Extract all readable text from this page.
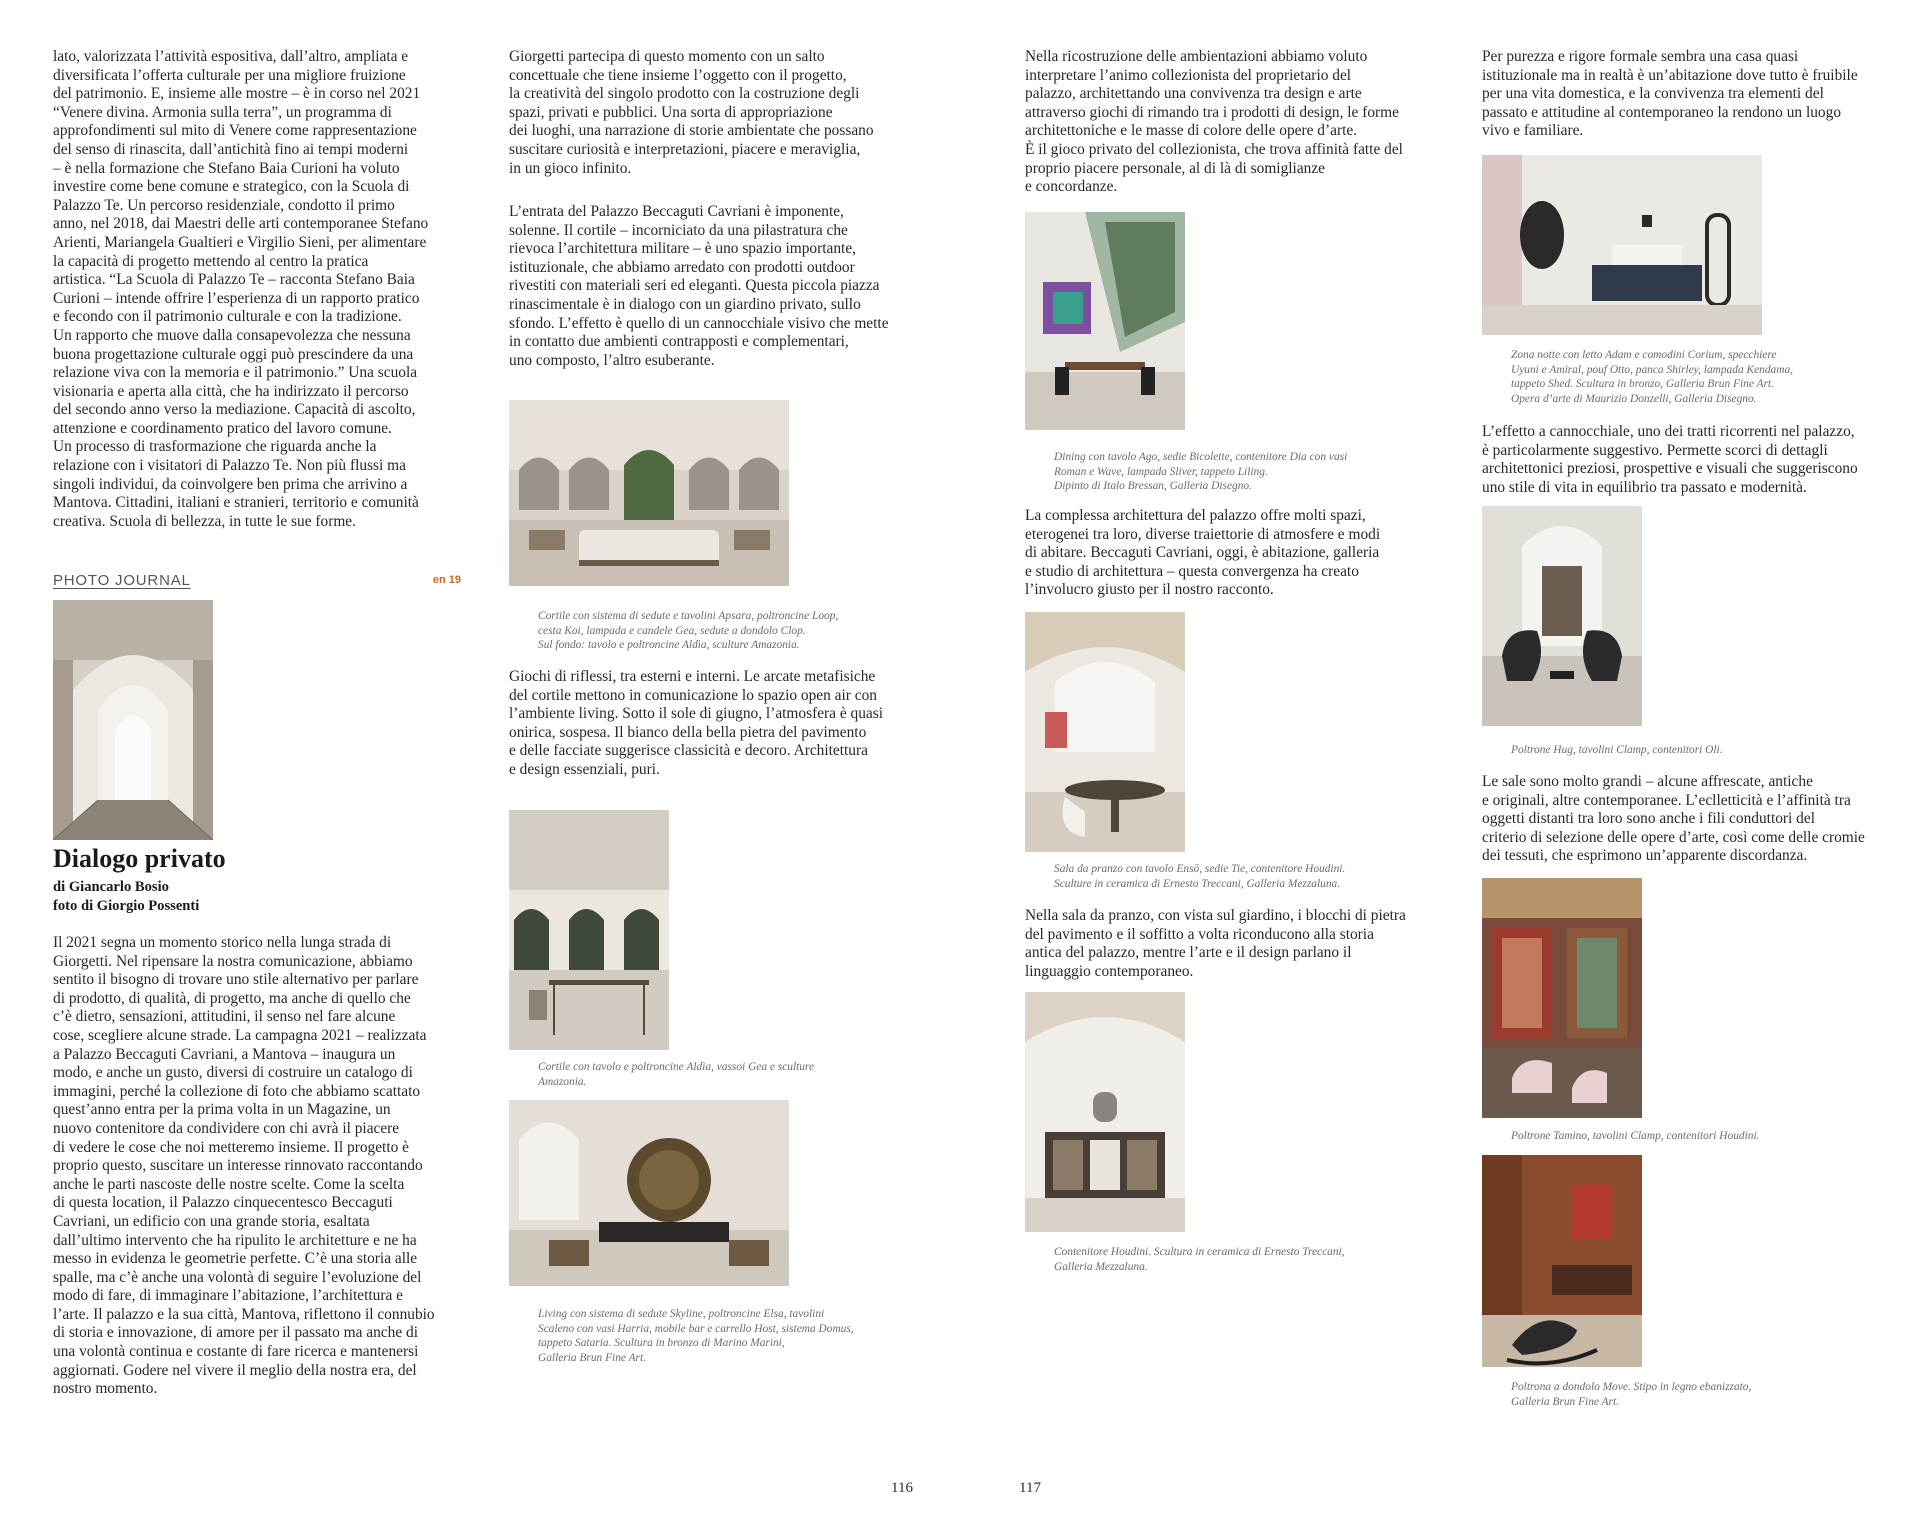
lato, valorizzata l’attività espositiva, dall’altro, ampliata e
diversificata l’offerta culturale per una migliore fruizione
del patrimonio. E, insieme alle mostre – è in corso nel 2021
“Venere divina. Armonia sulla terra”, un programma di
approfondimenti sul mito di Venere come rappresentazione
del senso di rinascita, dall’antichità fino ai tempi moderni
– è nella formazione che Stefano Baia Curioni ha voluto
investire come bene comune e strategico, con la Scuola di
Palazzo Te. Un percorso residenziale, condotto il primo
anno, nel 2018, dai Maestri delle arti contemporanee Stefano
Arienti, Mariangela Gualtieri e Virgilio Sieni, per alimentare
la capacità di progetto mettendo al centro la pratica
artistica. “La Scuola di Palazzo Te – racconta Stefano Baia
Curioni – intende offrire l’esperienza di un rapporto pratico
e fecondo con il patrimonio culturale e con la tradizione.
Un rapporto che muove dalla consapevolezza che nessuna
buona progettazione culturale oggi può prescindere da una
relazione viva con la memoria e il patrimonio.” Una scuola
visionaria e aperta alla città, che ha indirizzato il percorso
del secondo anno verso la mediazione. Capacità di ascolto,
attenzione e coordinamento pratico del lavoro comune.
Un processo di trasformazione che riguarda anche la
relazione con i visitatori di Palazzo Te. Non più flussi ma
singoli individui, da coinvolgere ben prima che arrivino a
Mantova. Cittadini, italiani e stranieri, territorio e comunità
creativa. Scuola di bellezza, in tutte le sue forme.

PHOTO JOURNAL	en 19
Dialogo privato
di Giancarlo Bosio
foto di Giorgio Possenti

Il 2021 segna un momento storico nella lunga strada di
Giorgetti. Nel ripensare la nostra comunicazione, abbiamo
sentito il bisogno di trovare uno stile alternativo per parlare
di prodotto, di qualità, di progetto, ma anche di quello che
c’è dietro, sensazioni, attitudini, il senso nel fare alcune
cose, scegliere alcune strade. La campagna 2021 – realizzata
a Palazzo Beccaguti Cavriani, a Mantova – inaugura un
modo, e anche un gusto, diversi di costruire un catalogo di
immagini, perché la collezione di foto che abbiamo scattato
quest’anno entra per la prima volta in un Magazine, un
nuovo contenitore da condividere con chi avrà il piacere
di vedere le cose che noi metteremo insieme. Il progetto è
proprio questo, suscitare un interesse rinnovato raccontando
anche le parti nascoste delle nostre scelte. Come la scelta
di questa location, il Palazzo cinquecentesco Beccaguti
Cavriani, un edificio con una grande storia, esaltata
dall’ultimo intervento che ha ripulito le architetture e ne ha
messo in evidenza le geometrie perfette. C’è una storia alle
spalle, ma c’è anche una volontà di seguire l’evoluzione del
modo di fare, di immaginare l’abitazione, l’architettura e
l’arte. Il palazzo e la sua città, Mantova, riflettono il connubio
di storia e innovazione, di amore per il passato ma anche di
una volontà continua e costante di fare ricerca e mantenersi
aggiornati. Godere nel vivere il meglio della nostra era, del
nostro momento.

Giorgetti partecipa di questo momento con un salto
concettuale che tiene insieme l’oggetto con il progetto,
la creatività del singolo prodotto con la costruzione degli
spazi, privati e pubblici. Una sorta di appropriazione
dei luoghi, una narrazione di storie ambientate che possano
suscitare curiosità e interpretazioni, piacere e meraviglia,
in un gioco infinito.

L’entrata del Palazzo Beccaguti Cavriani è imponente,
solenne. Il cortile – incorniciato da una pilastratura che
rievoca l’architettura militare – è uno spazio importante,
istituzionale, che abbiamo arredato con prodotti outdoor
rivestiti con materiali seri ed eleganti. Questa piccola piazza
rinascimentale è in dialogo con un giardino privato, sullo
sfondo. L’effetto è quello di un cannocchiale visivo che mette
in contatto due ambienti contrapposti e complementari,
uno composto, l’altro esuberante.

Cortile con sistema di sedute e tavolini Apsara, poltroncine Loop,
cesta Koi, lampada e candele Gea, sedute a dondolo Clop.
Sul fondo: tavolo e poltroncine Aldìa, sculture Amazonia.

Giochi di riflessi, tra esterni e interni. Le arcate metafisiche
del cortile mettono in comunicazione lo spazio open air con
l’ambiente living. Sotto il sole di giugno, l’atmosfera è quasi
onirica, sospesa. Il bianco della bella pietra del pavimento
e delle facciate suggerisce classicità e decoro. Architettura
e design essenziali, puri.

Cortile con tavolo e poltroncine Aldìa, vassoi Gea e sculture
Amazonia.

Living con sistema di sedute Skyline, poltroncine Elsa, tavolini
Scaleno con vasi Harria, mobile bar e carrello Host, sistema Domus,
tappeto Sataria. Scultura in bronzo di Marino Marini,
Galleria Brun Fine Art.

116

Nella ricostruzione delle ambientazioni abbiamo voluto
interpretare l’animo collezionista del proprietario del
palazzo, architettando una convivenza tra design e arte
attraverso giochi di rimando tra i prodotti di design, le forme
architettoniche e le masse di colore delle opere d’arte.
È il gioco privato del collezionista, che trova affinità fatte del
proprio piacere personale, al di là di somiglianze
e concordanze.

Dining con tavolo Ago, sedie Bicolette, contenitore Dia con vasi
Roman e Wave, lampada Sliver, tappeto Liling.
Dipinto di Italo Bressan, Galleria Disegno.

La complessa architettura del palazzo offre molti spazi,
eterogenei tra loro, diverse traiettorie di atmosfere e modi
di abitare. Beccaguti Cavriani, oggi, è abitazione, galleria
e studio di architettura – questa convergenza ha creato
l’involucro giusto per il nostro racconto.

Sala da pranzo con tavolo Ensō, sedie Tie, contenitore Houdini.
Sculture in ceramica di Ernesto Treccani, Galleria Mezzaluna.

Nella sala da pranzo, con vista sul giardino, i blocchi di pietra
del pavimento e il soffitto a volta riconducono alla storia
antica del palazzo, mentre l’arte e il design parlano il
linguaggio contemporaneo.

Contenitore Houdini. Scultura in ceramica di Ernesto Treccani,
Galleria Mezzaluna.

Per purezza e rigore formale sembra una casa quasi
istituzionale ma in realtà è un’abitazione dove tutto è fruibile
per una vita domestica, e la convivenza tra elementi del
passato e attitudine al contemporaneo la rendono un luogo
vivo e familiare.

Zona notte con letto Adam e comodini Corium, specchiere
Uyuni e Amiral, pouf Otto, panca Shirley, lampada Kendama,
tappeto Shed. Scultura in bronzo, Galleria Brun Fine Art.
Opera d’arte di Maurizio Donzelli, Galleria Disegno.

L’effetto a cannocchiale, uno dei tratti ricorrenti nel palazzo,
è particolarmente suggestivo. Permette scorci di dettagli
architettonici preziosi, prospettive e visuali che suggeriscono
uno stile di vita in equilibrio tra passato e modernità.

Poltrone Hug, tavolini Clamp, contenitori Oli.

Le sale sono molto grandi – alcune affrescate, antiche
e originali, altre contemporanee. L’eclletticità e l’affinità tra
oggetti distanti tra loro sono anche i fili conduttori del
criterio di selezione delle opere d’arte, così come delle cromie
dei tessuti, che esprimono un’apparente discordanza.

Poltrone Tamino, tavolini Clamp, contenitori Houdini.

Poltrona a dondolo Move. Stipo in legno ebanizzato,
Galleria Brun Fine Art.

117
